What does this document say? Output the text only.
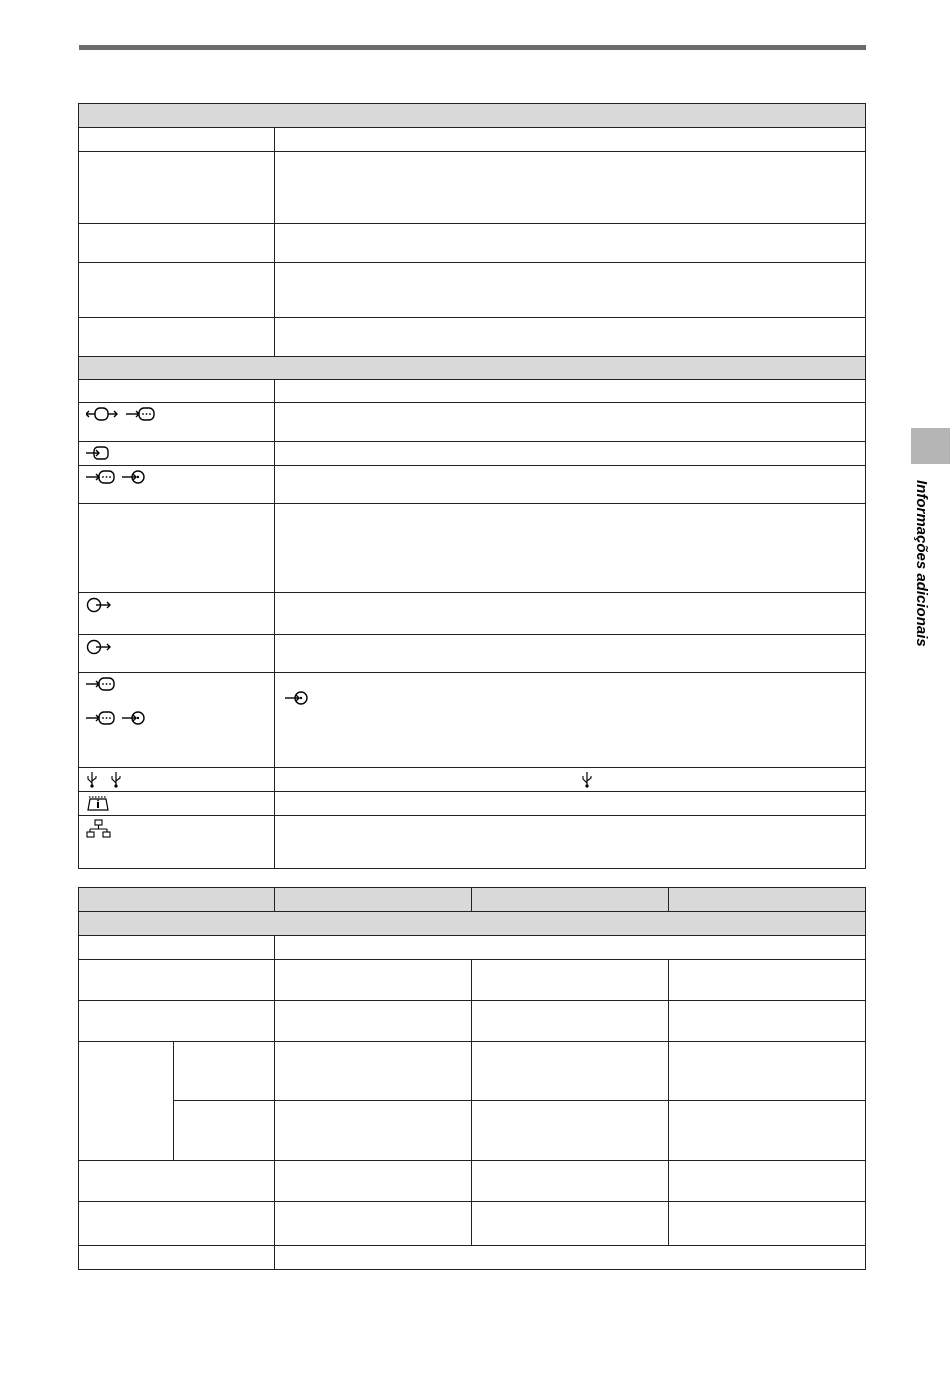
Informações adicionais
